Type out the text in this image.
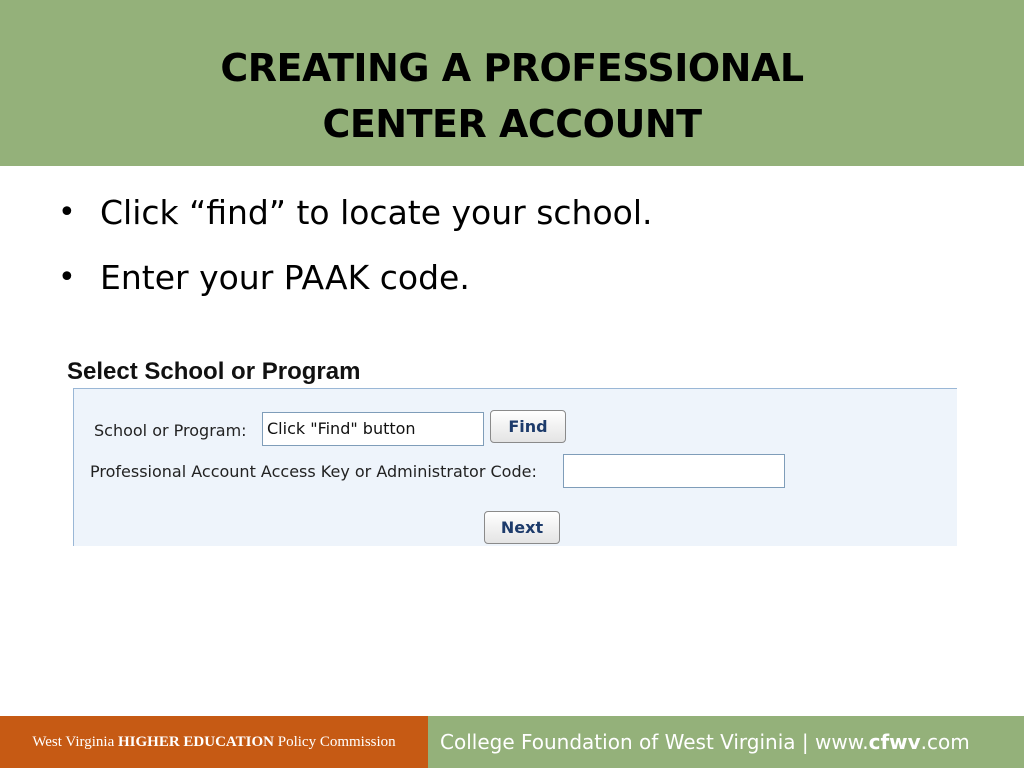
CREATING A PROFESSIONAL
CENTER ACCOUNT
• Click “find” to locate your school.
• Enter your PAAK code.
Select School or Program
School or Program:	Click "Find" button	Find
Professional Account Access Key or Administrator Code:
Next
West Virginia HIGHER EDUCATION Policy Commission	College Foundation of West Virginia | www.cfwv.com
